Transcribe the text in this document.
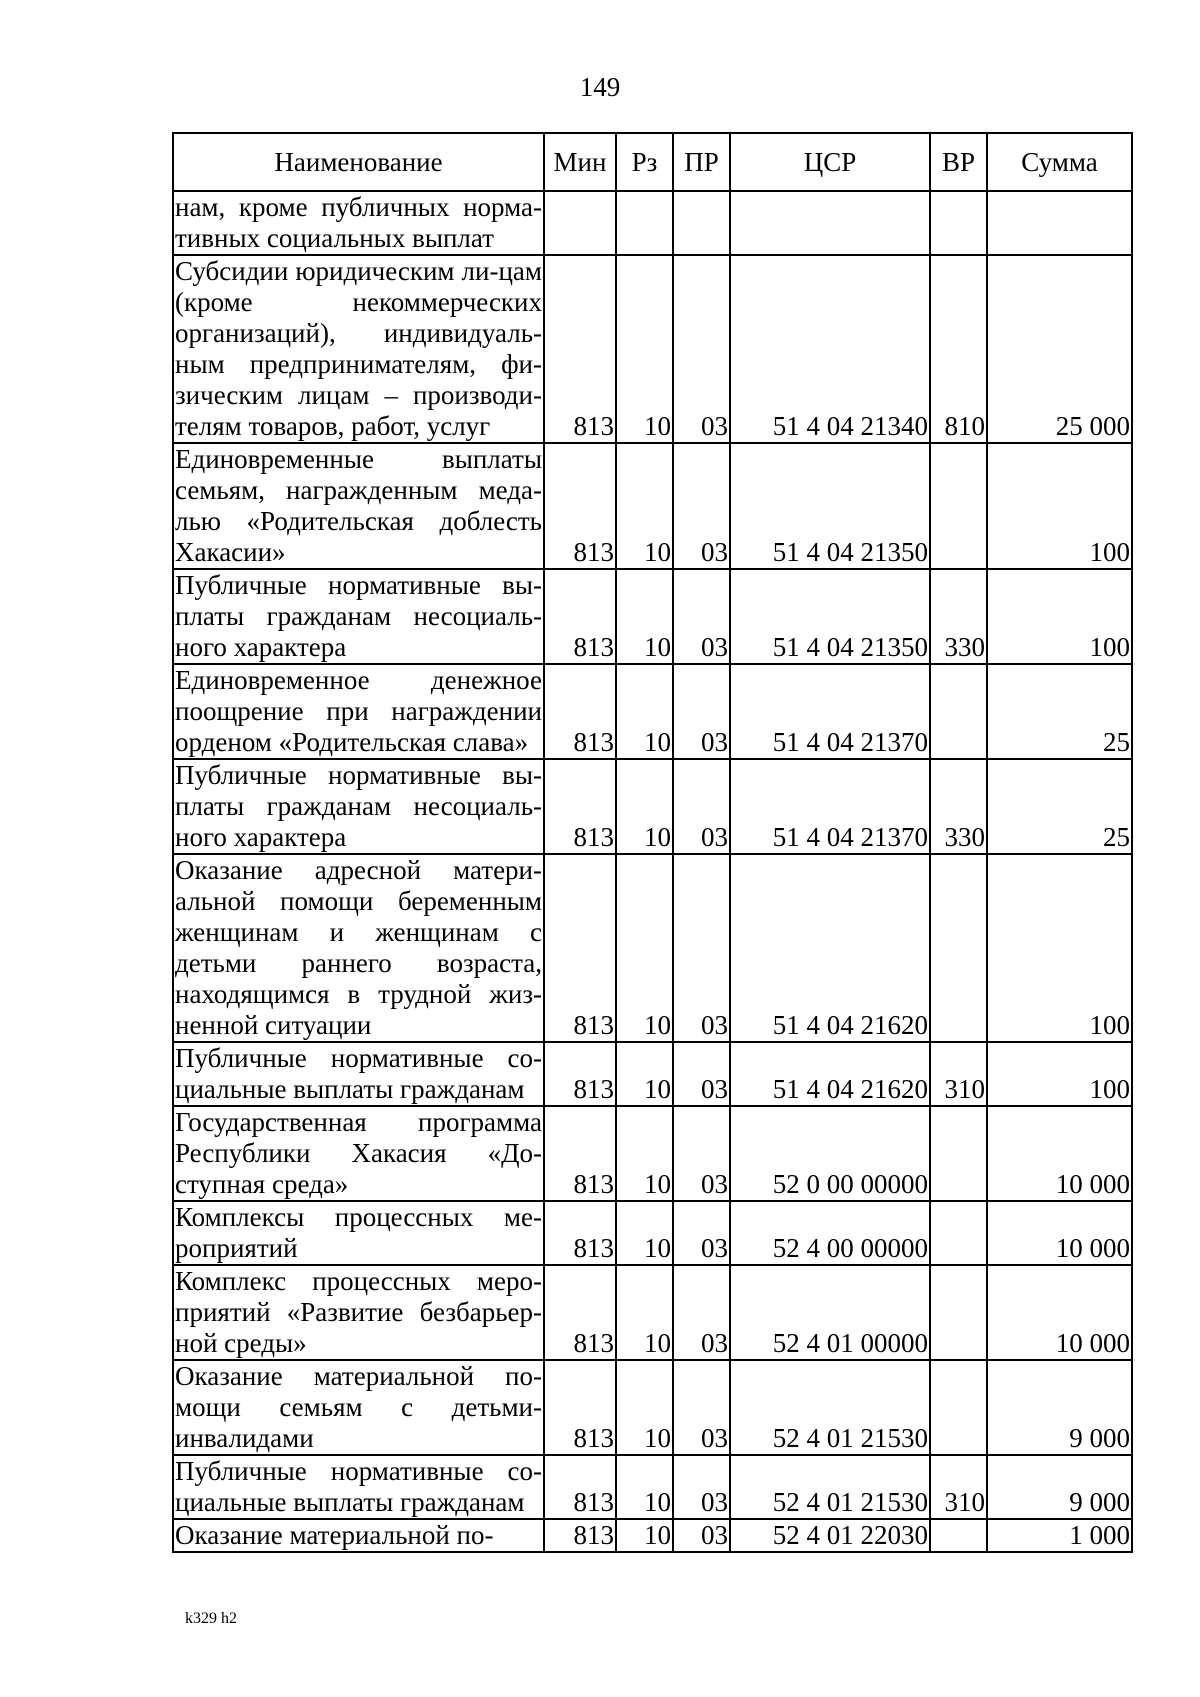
149
Наименование	Мин	Рз	ПР	ЦСР	ВР	Сумма
нам, кроме публичных норма-тивных социальных выплат						
Субсидии юридическим ли-цам (кроме некоммерческих организаций), индивидуаль-ным предпринимателям, фи-зическим лицам – производи-телям товаров, работ, услуг	813	10	03	51 4 04 21340	810	25 000
Единовременные выплаты семьям, награжденным меда-лью «Родительская доблесть Хакасии»	813	10	03	51 4 04 21350		100
Публичные нормативные вы-платы гражданам несоциаль-ного характера	813	10	03	51 4 04 21350	330	100
Единовременное денежное поощрение при награждении орденом «Родительская слава»	813	10	03	51 4 04 21370		25
Публичные нормативные вы-платы гражданам несоциаль-ного характера	813	10	03	51 4 04 21370	330	25
Оказание адресной матери-альной помощи беременным женщинам и женщинам с детьми раннего возраста, находящимся в трудной жиз-ненной ситуации	813	10	03	51 4 04 21620		100
Публичные нормативные со-циальные выплаты гражданам	813	10	03	51 4 04 21620	310	100
Государственная программа Республики Хакасия «До-ступная среда»	813	10	03	52 0 00 00000		10 000
Комплексы процессных ме-роприятий	813	10	03	52 4 00 00000		10 000
Комплекс процессных меро-приятий «Развитие безбарьер-ной среды»	813	10	03	52 4 01 00000		10 000
Оказание материальной по-мощи семьям с детьми-инвалидами	813	10	03	52 4 01 21530		9 000
Публичные нормативные со-циальные выплаты гражданам	813	10	03	52 4 01 21530	310	9 000
Оказание материальной по-	813	10	03	52 4 01 22030		1 000
k329 h2
